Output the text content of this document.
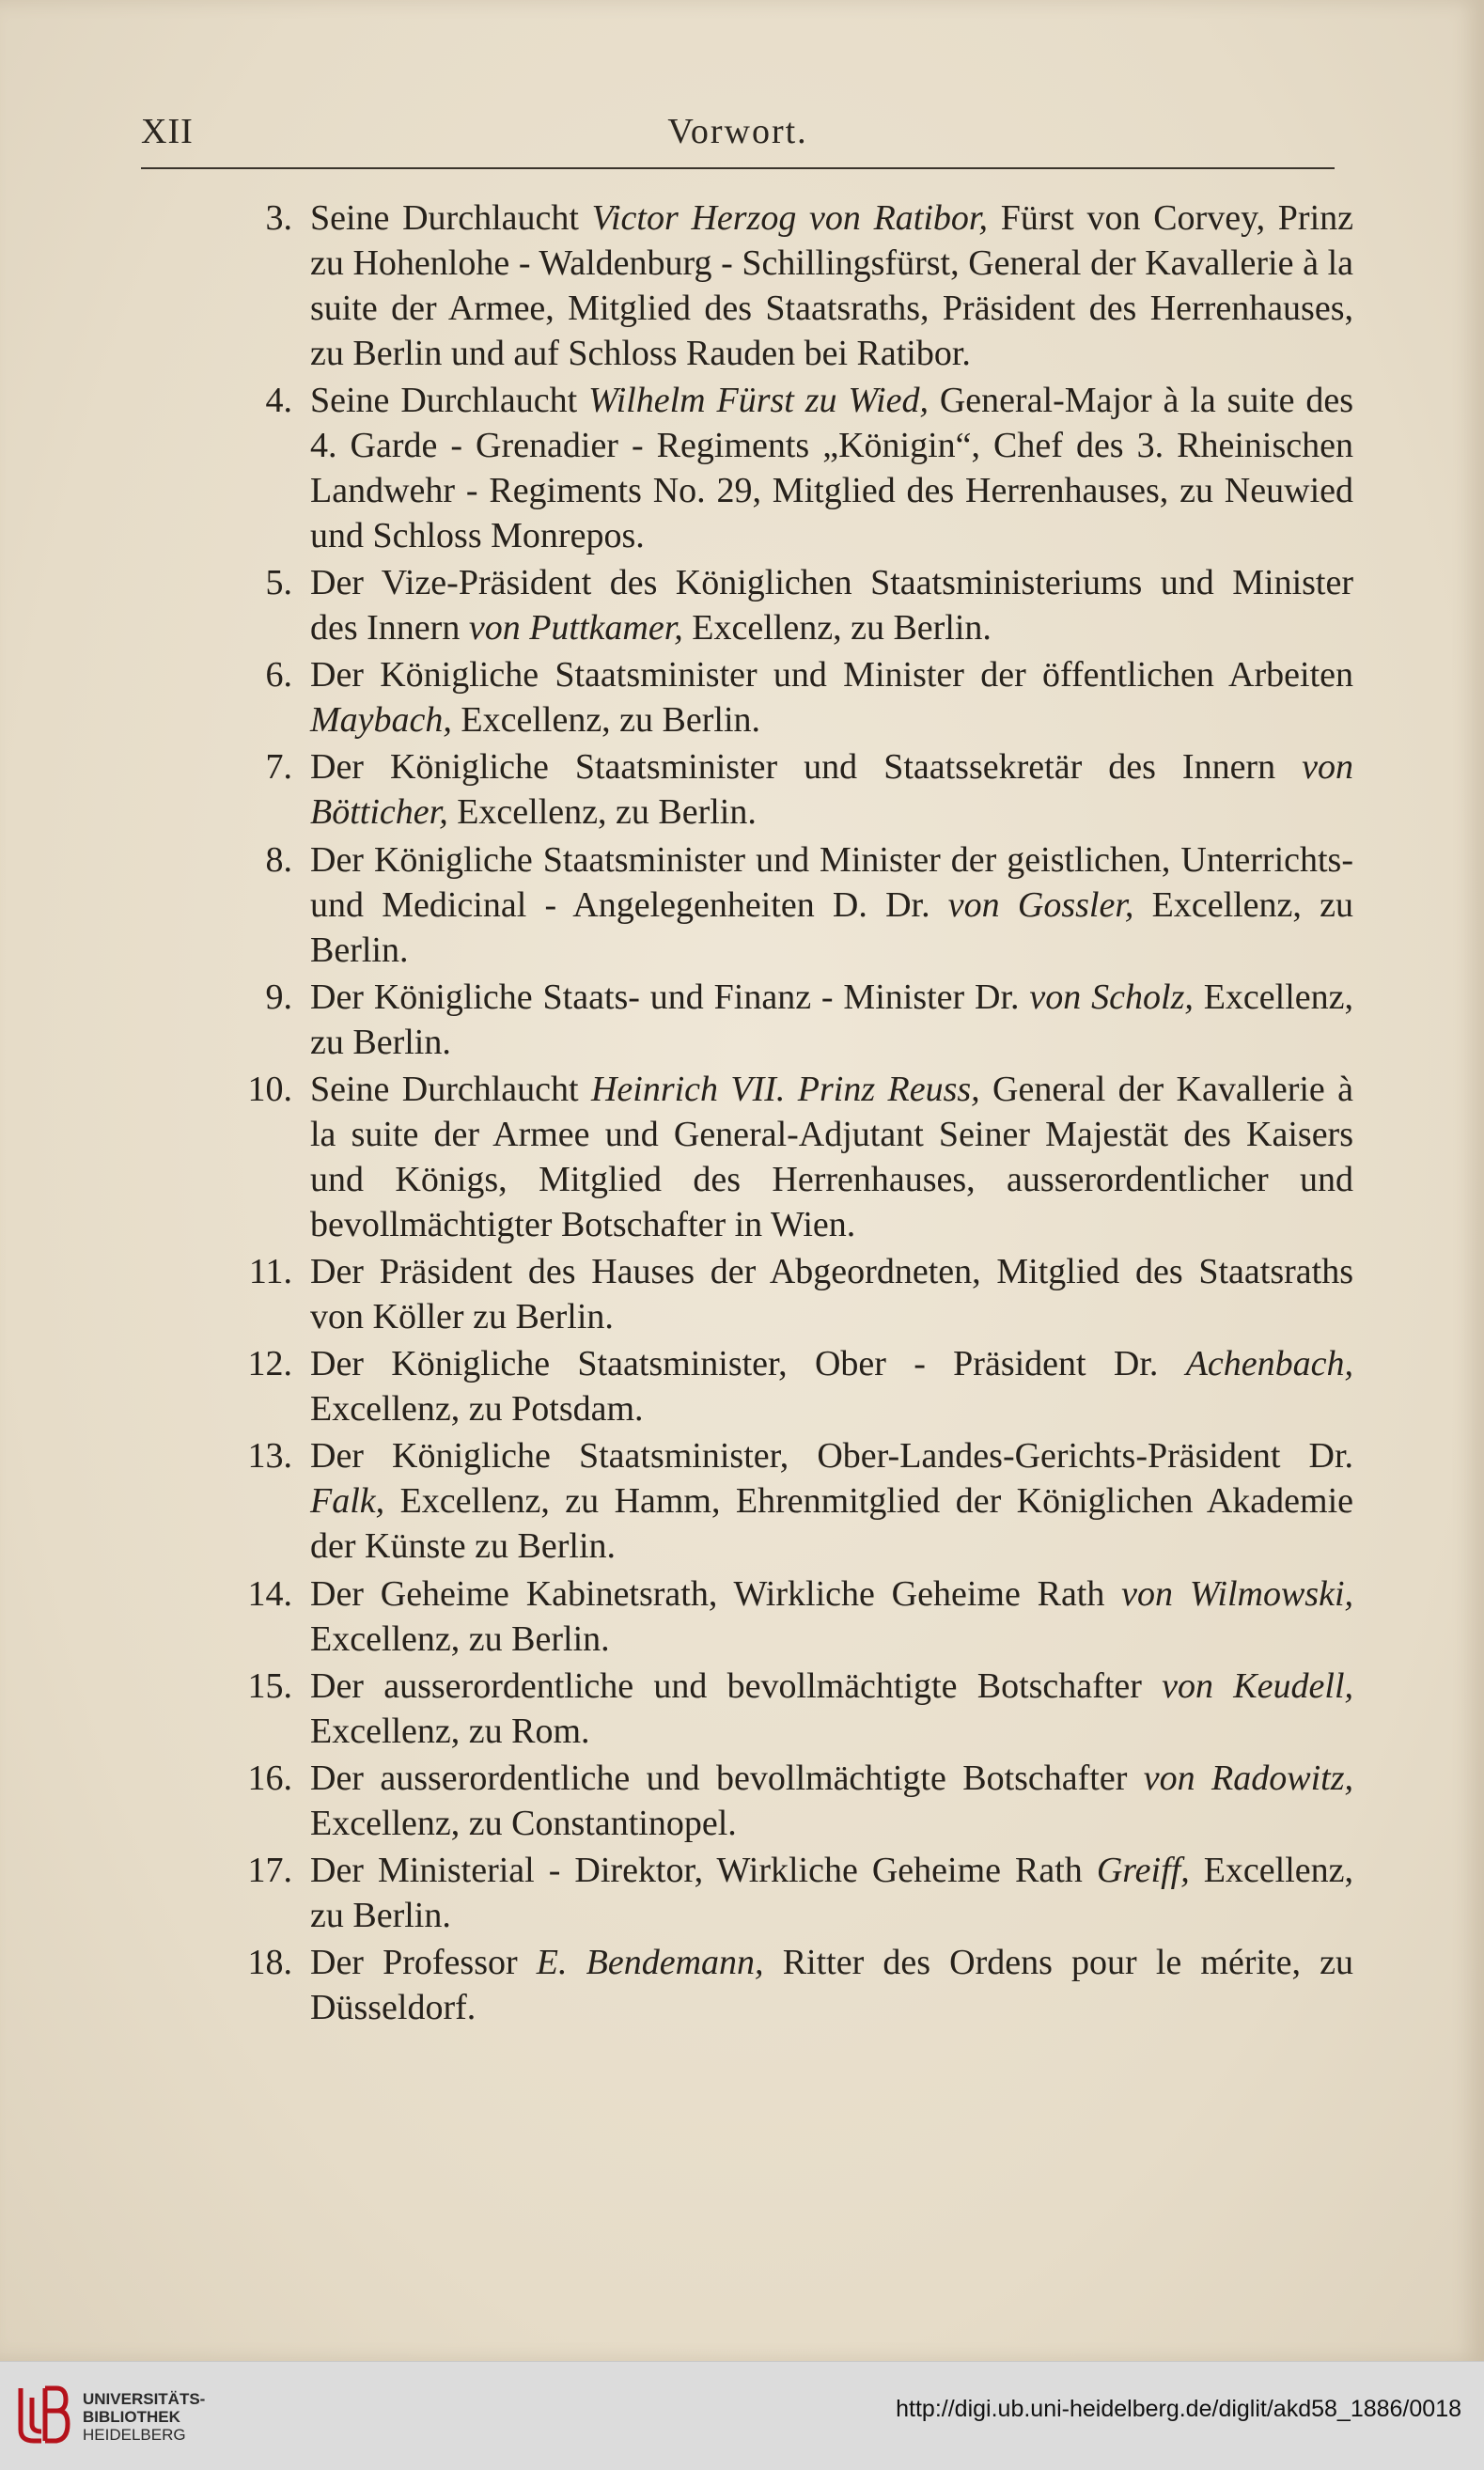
XII	Vorwort.
3. Seine Durchlaucht Victor Herzog von Ratibor, Fürst von Corvey, Prinz zu Hohenlohe - Waldenburg - Schillingsfürst, General der Kavallerie à la suite der Armee, Mitglied des Staatsraths, Präsident des Herrenhauses, zu Berlin und auf Schloss Rauden bei Ratibor.
4. Seine Durchlaucht Wilhelm Fürst zu Wied, General-Major à la suite des 4. Garde - Grenadier - Regiments „Königin“, Chef des 3. Rheinischen Landwehr - Regiments No. 29, Mitglied des Herrenhauses, zu Neuwied und Schloss Monrepos.
5. Der Vize-Präsident des Königlichen Staatsministeriums und Minister des Innern von Puttkamer, Excellenz, zu Berlin.
6. Der Königliche Staatsminister und Minister der öffentlichen Arbeiten Maybach, Excellenz, zu Berlin.
7. Der Königliche Staatsminister und Staatssekretär des Innern von Bötticher, Excellenz, zu Berlin.
8. Der Königliche Staatsminister und Minister der geistlichen, Unterrichts- und Medicinal - Angelegenheiten D. Dr. von Gossler, Excellenz, zu Berlin.
9. Der Königliche Staats- und Finanz - Minister Dr. von Scholz, Excellenz, zu Berlin.
10. Seine Durchlaucht Heinrich VII. Prinz Reuss, General der Kavallerie à la suite der Armee und General-Adjutant Seiner Majestät des Kaisers und Königs, Mitglied des Herrenhauses, ausserordentlicher und bevollmächtigter Botschafter in Wien.
11. Der Präsident des Hauses der Abgeordneten, Mitglied des Staatsraths von Köller zu Berlin.
12. Der Königliche Staatsminister, Ober - Präsident Dr. Achenbach, Excellenz, zu Potsdam.
13. Der Königliche Staatsminister, Ober-Landes-Gerichts-Präsident Dr. Falk, Excellenz, zu Hamm, Ehrenmitglied der Königlichen Akademie der Künste zu Berlin.
14. Der Geheime Kabinetsrath, Wirkliche Geheime Rath von Wilmowski, Excellenz, zu Berlin.
15. Der ausserordentliche und bevollmächtigte Botschafter von Keudell, Excellenz, zu Rom.
16. Der ausserordentliche und bevollmächtigte Botschafter von Radowitz, Excellenz, zu Constantinopel.
17. Der Ministerial - Direktor, Wirkliche Geheime Rath Greiff, Excellenz, zu Berlin.
18. Der Professor E. Bendemann, Ritter des Ordens pour le mérite, zu Düsseldorf.
UNIVERSITÄTS-
BIBLIOTHEK
HEIDELBERG
http://digi.ub.uni-heidelberg.de/diglit/akd58_1886/0018
